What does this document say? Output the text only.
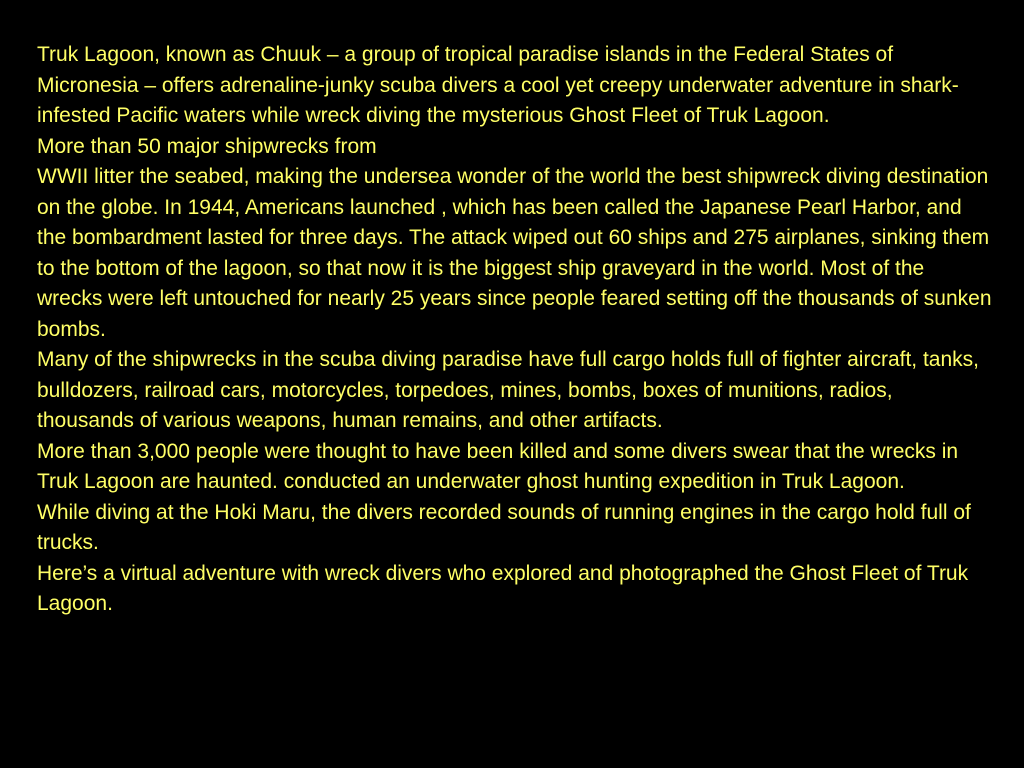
Truk Lagoon, known as Chuuk – a group of tropical paradise islands in the Federal States of Micronesia – offers adrenaline-junky scuba divers a cool yet creepy underwater adventure in shark-infested Pacific waters while wreck diving the mysterious Ghost Fleet of Truk Lagoon.

More than 50 major shipwrecks from

WWII litter the seabed, making the undersea wonder of the world the best shipwreck diving destination on the globe. In 1944, Americans launched , which has been called the Japanese Pearl Harbor, and the bombardment lasted for three days. The attack wiped out 60 ships and 275 airplanes, sinking them to the bottom of the lagoon, so that now it is the biggest ship graveyard in the world. Most of the wrecks were left untouched for nearly 25 years since people feared setting off the thousands of sunken bombs.

Many of the shipwrecks in the scuba diving paradise have full cargo holds full of fighter aircraft, tanks, bulldozers, railroad cars, motorcycles, torpedoes, mines, bombs, boxes of munitions, radios, thousands of various weapons, human remains, and other artifacts.

More than 3,000 people were thought to have been killed and some divers swear that the wrecks in Truk Lagoon are haunted. conducted an underwater ghost hunting expedition in Truk Lagoon.

While diving at the Hoki Maru, the divers recorded sounds of running engines in the cargo hold full of trucks.

Here’s a virtual adventure with wreck divers who explored and photographed the Ghost Fleet of Truk Lagoon.
